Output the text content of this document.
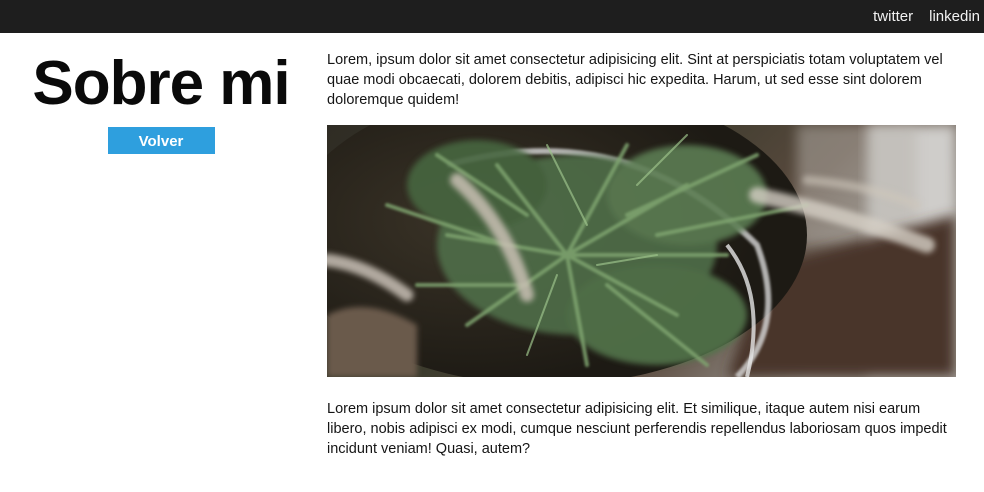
twitter linkedin
Sobre mi
Volver

Lorem, ipsum dolor sit amet consectetur adipisicing elit. Sint at perspiciatis totam voluptatem vel quae modi obcaecati, dolorem debitis, adipisci hic expedita. Harum, ut sed esse sint dolorem doloremque quidem!

Lorem ipsum dolor sit amet consectetur adipisicing elit. Et similique, itaque autem nisi earum libero, nobis adipisci ex modi, cumque nesciunt perferendis repellendus laboriosam quos impedit incidunt veniam! Quasi, autem?
